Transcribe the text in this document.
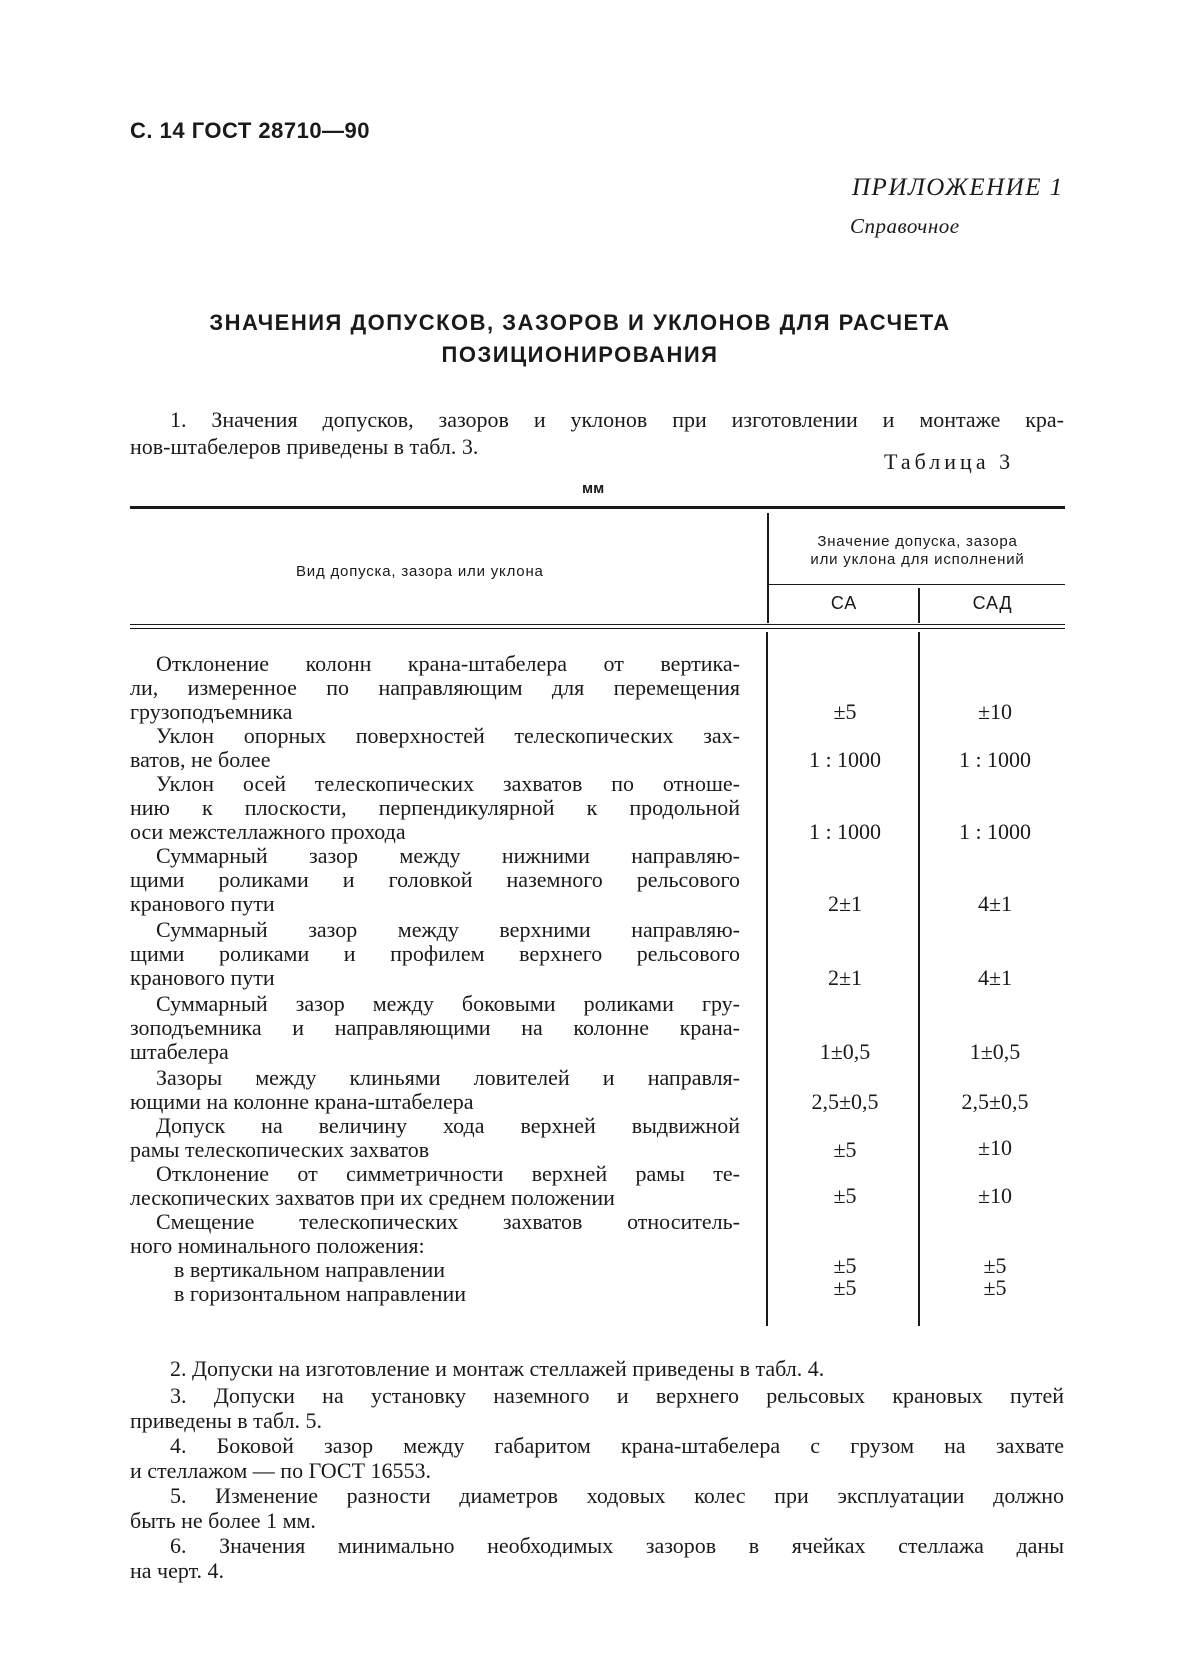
С. 14 ГОСТ 28710—90
ПРИЛОЖЕНИЕ 1
Справочное
ЗНАЧЕНИЯ ДОПУСКОВ, ЗАЗОРОВ И УКЛОНОВ ДЛЯ РАСЧЕТА
ПОЗИЦИОНИРОВАНИЯ
1. Значения допусков, зазоров и уклонов при изготовлении и монтаже кра-
нов-штабелеров приведены в табл. 3.
Таблица 3
мм
Вид допуска, зазора или уклона
Значение допуска, зазора
или уклона для исполнений
СА	САД
Отклонение колонн крана-штабелера от вертика-
ли, измеренное по направляющим для перемещения
грузоподъемника	±5	±10
Уклон опорных поверхностей телескопических зах-
ватов, не более	1 : 1000	1 : 1000
Уклон осей телескопических захватов по отноше-
нию к плоскости, перпендикулярной к продольной
оси межстеллажного прохода	1 : 1000	1 : 1000
Суммарный зазор между нижними направляю-
щими роликами и головкой наземного рельсового
кранового пути	2±1	4±1
Суммарный зазор между верхними направляю-
щими роликами и профилем верхнего рельсового
кранового пути	2±1	4±1
Суммарный зазор между боковыми роликами гру-
зоподъемника и направляющими на колонне крана-
штабелера	1±0,5	1±0,5
Зазоры между клиньями ловителей и направля-
ющими на колонне крана-штабелера	2,5±0,5	2,5±0,5
Допуск на величину хода верхней выдвижной
рамы телескопических захватов	±5	±10
Отклонение от симметричности верхней рамы те-
лескопических захватов при их среднем положении	±5	±10
Смещение телескопических захватов относитель-
ного номинального положения:
в вертикальном направлении	±5	±5
в горизонтальном направлении	±5	±5
2. Допуски на изготовление и монтаж стеллажей приведены в табл. 4.
3. Допуски на установку наземного и верхнего рельсовых крановых путей
приведены в табл. 5.
4. Боковой зазор между габаритом крана-штабелера с грузом на захвате
и стеллажом — по ГОСТ 16553.
5. Изменение разности диаметров ходовых колес при эксплуатации должно
быть не более 1 мм.
6. Значения минимально необходимых зазоров в ячейках стеллажа даны
на черт. 4.
